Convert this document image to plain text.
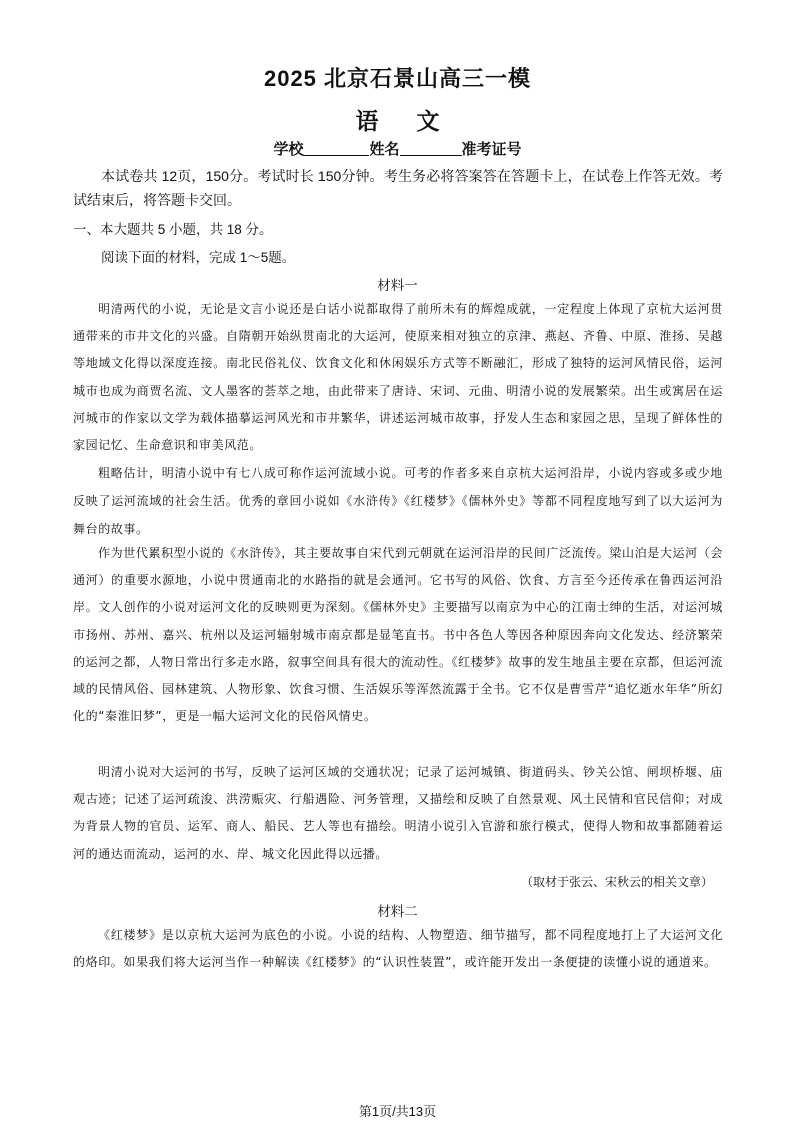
2025 北京石景山高三一模
语 文
学校	姓名	准考证号
本试卷共 12页，150分。考试时长 150分钟。考生务必将答案答在答题卡上，在试卷上作答无效。考试结束后，将答题卡交回。
一、本大题共 5 小题，共 18 分。
阅读下面的材料，完成 1～5题。
材料一
明清两代的小说，无论是文言小说还是白话小说都取得了前所未有的辉煌成就，一定程度上体现了京杭大运河贯通带来的市井文化的兴盛。自隋朝开始纵贯南北的大运河，使原来相对独立的京津、燕赵、齐鲁、中原、淮扬、吴越等地域文化得以深度连接。南北民俗礼仪、饮食文化和休闲娱乐方式等不断融汇，形成了独特的运河风情民俗，运河城市也成为商贾名流、文人墨客的荟萃之地，由此带来了唐诗、宋词、元曲、明清小说的发展繁荣。出生或寓居在运河城市的作家以文学为载体描摹运河风光和市井繁华，讲述运河城市故事，抒发人生态和家园之思，呈现了鲜体性的家园记忆、生命意识和审美风范。
粗略估计，明清小说中有七八成可称作运河流域小说。可考的作者多来自京杭大运河沿岸，小说内容或多或少地反映了运河流域的社会生活。优秀的章回小说如《水浒传》《红楼梦》《儒林外史》等都不同程度地写到了以大运河为舞台的故事。
作为世代累积型小说的《水浒传》，其主要故事自宋代到元朝就在运河沿岸的民间广泛流传。梁山泊是大运河（会通河）的重要水源地，小说中贯通南北的水路指的就是会通河。它书写的风俗、饮食、方言至今还传承在鲁西运河沿岸。文人创作的小说对运河文化的反映则更为深刻。《儒林外史》主要描写以南京为中心的江南士绅的生活，对运河城市扬州、苏州、嘉兴、杭州以及运河辐射城市南京都是显笔直书。书中各色人等因各种原因奔向文化发达、经济繁荣的运河之都，人物日常出行多走水路，叙事空间具有很大的流动性。《红楼梦》故事的发生地虽主要在京都，但运河流域的民情风俗、园林建筑、人物形象、饮食习惯、生活娱乐等浑然流露于全书。它不仅是曹雪芹“追忆逝水年华”所幻化的“秦淮旧梦”，更是一幅大运河文化的民俗风情史。
明清小说对大运河的书写，反映了运河区域的交通状况；记录了运河城镇、街道码头、钞关公馆、闸坝桥堰、庙观古迹；记述了运河疏浚、洪涝赈灾、行船遇险、河务管理，又描绘和反映了自然景观、风土民情和官民信仰；对成为背景人物的官员、运军、商人、船民、艺人等也有描绘。明清小说引入官游和旅行模式，使得人物和故事都随着运河的通达而流动，运河的水、岸、城文化因此得以远播。
（取材于张云、宋秋云的相关文章）
材料二
《红楼梦》是以京杭大运河为底色的小说。小说的结构、人物塑造、细节描写，都不同程度地打上了大运河文化的烙印。如果我们将大运河当作一种解读《红楼梦》的“认识性装置”，或许能开发出一条便捷的读懂小说的通道来。
第1页/共13页
